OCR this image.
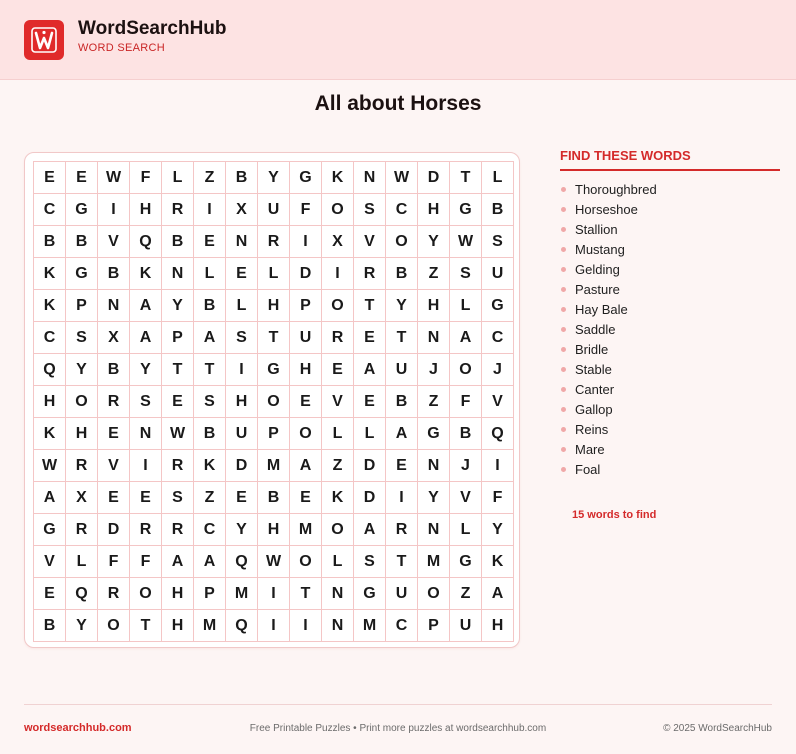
WordSearchHub
WORD SEARCH
All about Horses
E	E	W	F	L	Z	B	Y	G	K	N	W	D	T	L
C	G	I	H	R	I	X	U	F	O	S	C	H	G	B
B	B	V	Q	B	E	N	R	I	X	V	O	Y	W	S
K	G	B	K	N	L	E	L	D	I	R	B	Z	S	U
K	P	N	A	Y	B	L	H	P	O	T	Y	H	L	G
C	S	X	A	P	A	S	T	U	R	E	T	N	A	C
Q	Y	B	Y	T	T	I	G	H	E	A	U	J	O	J
H	O	R	S	E	S	H	O	E	V	E	B	Z	F	V
K	H	E	N	W	B	U	P	O	L	L	A	G	B	Q
W	R	V	I	R	K	D	M	A	Z	D	E	N	J	I
A	X	E	E	S	Z	E	B	E	K	D	I	Y	V	F
G	R	D	R	R	C	Y	H	M	O	A	R	N	L	Y
V	L	F	F	A	A	Q	W	O	L	S	T	M	G	K
E	Q	R	O	H	P	M	I	T	N	G	U	O	Z	A
B	Y	O	T	H	M	Q	I	I	N	M	C	P	U	H
FIND THESE WORDS
Thoroughbred
Horseshoe
Stallion
Mustang
Gelding
Pasture
Hay Bale
Saddle
Bridle
Stable
Canter
Gallop
Reins
Mare
Foal
15 words to find
wordsearchhub.com	Free Printable Puzzles • Print more puzzles at wordsearchhub.com	© 2025 WordSearchHub
